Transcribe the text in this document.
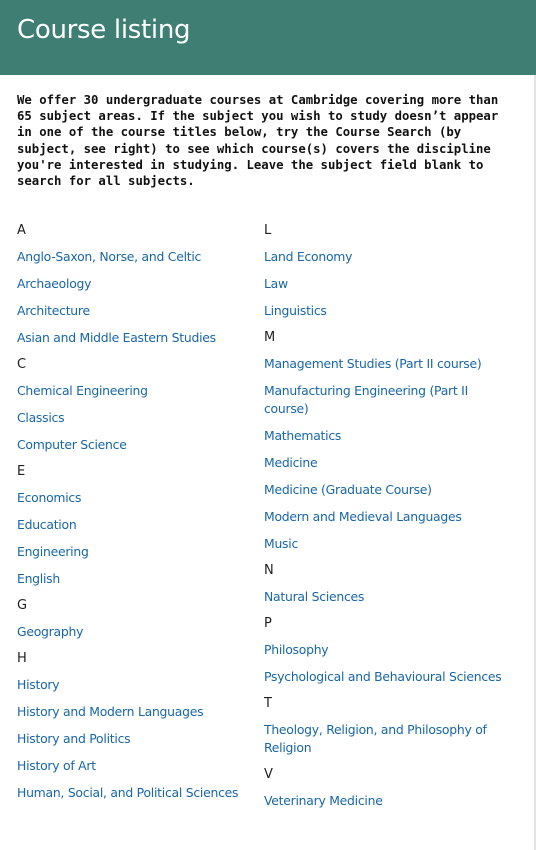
Course listing

We offer 30 undergraduate courses at Cambridge covering more than 65 subject areas. If the subject you wish to study doesn’t appear in one of the course titles below, try the Course Search (by subject, see right) to see which course(s) covers the discipline you're interested in studying. Leave the subject field blank to search for all subjects.

A
Anglo-Saxon, Norse, and Celtic
Archaeology
Architecture
Asian and Middle Eastern Studies
C
Chemical Engineering
Classics
Computer Science
E
Economics
Education
Engineering
English
G
Geography
H
History
History and Modern Languages
History and Politics
History of Art
Human, Social, and Political Sciences
L
Land Economy
Law
Linguistics
M
Management Studies (Part II course)
Manufacturing Engineering (Part II course)
Mathematics
Medicine
Medicine (Graduate Course)
Modern and Medieval Languages
Music
N
Natural Sciences
P
Philosophy
Psychological and Behavioural Sciences
T
Theology, Religion, and Philosophy of Religion
V
Veterinary Medicine
